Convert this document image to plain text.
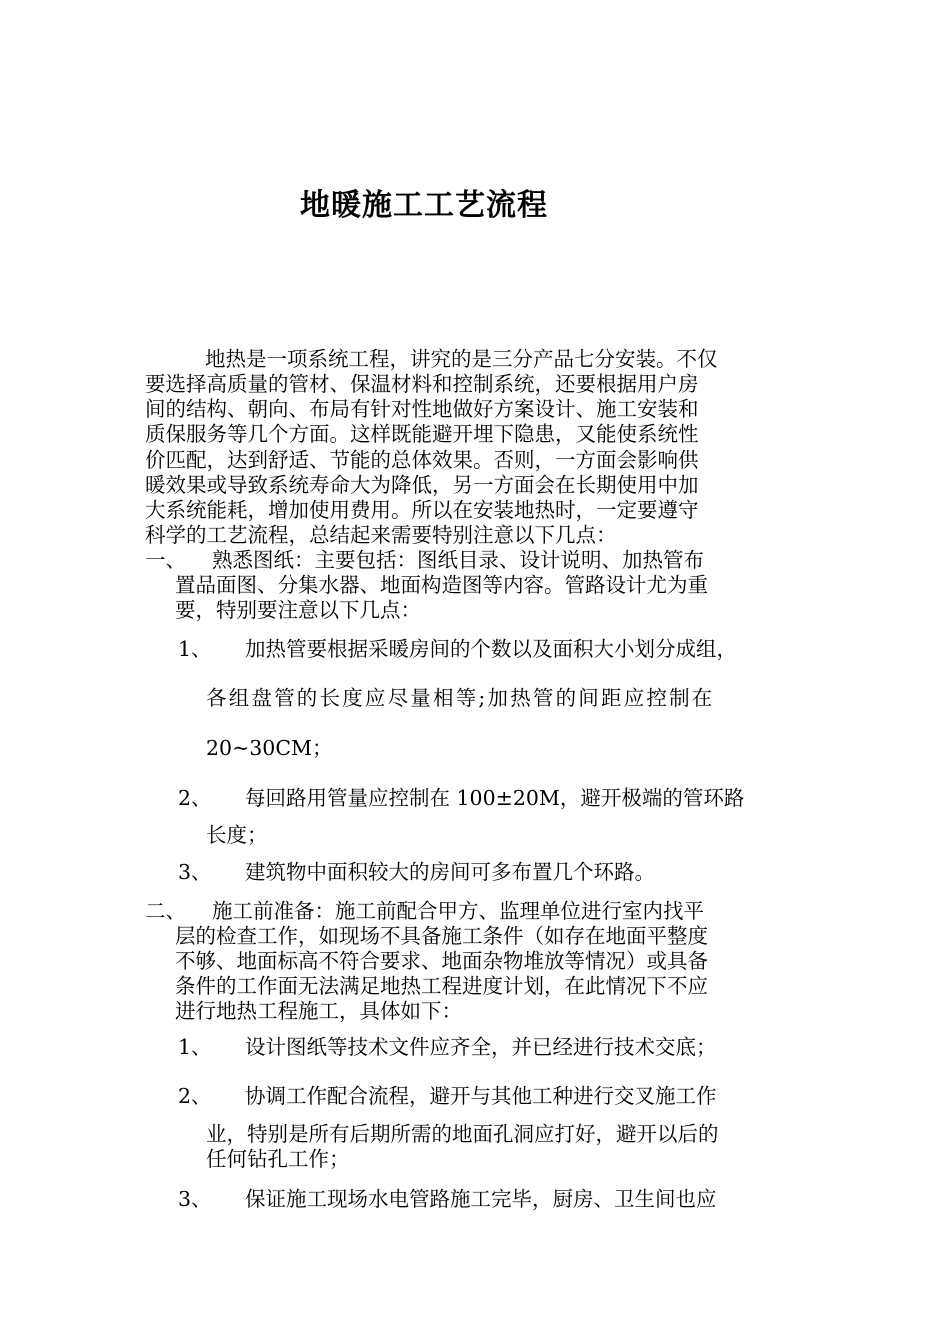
地暖施工工艺流程
地热是一项系统工程，讲究的是三分产品七分安装。不仅
要选择高质量的管材、保温材料和控制系统，还要根据用户房
间的结构、朝向、布局有针对性地做好方案设计、施工安装和
质保服务等几个方面。这样既能避开埋下隐患，又能使系统性
价匹配，达到舒适、节能的总体效果。否则，一方面会影响供
暖效果或导致系统寿命大为降低，另一方面会在长期使用中加
大系统能耗，增加使用费用。所以在安装地热时，一定要遵守
科学的工艺流程，总结起来需要特别注意以下几点：
一、 熟悉图纸：主要包括：图纸目录、设计说明、加热管布
置品面图、分集水器、地面构造图等内容。管路设计尤为重
要，特别要注意以下几点：
1、 加热管要根据采暖房间的个数以及面积大小划分成组，
各组盘管的长度应尽量相等;加热管的间距应控制在
20~30CM；
2、 每回路用管量应控制在 100±20M，避开极端的管环路
长度；
3、 建筑物中面积较大的房间可多布置几个环路。
二、 施工前准备：施工前配合甲方、监理单位进行室内找平
层的检查工作，如现场不具备施工条件（如存在地面平整度
不够、地面标高不符合要求、地面杂物堆放等情况）或具备
条件的工作面无法满足地热工程进度计划，在此情况下不应
进行地热工程施工，具体如下：
1、 设计图纸等技术文件应齐全，并已经进行技术交底；
2、 协调工作配合流程，避开与其他工种进行交叉施工作
业，特别是所有后期所需的地面孔洞应打好，避开以后的
任何钻孔工作；
3、 保证施工现场水电管路施工完毕，厨房、卫生间也应
